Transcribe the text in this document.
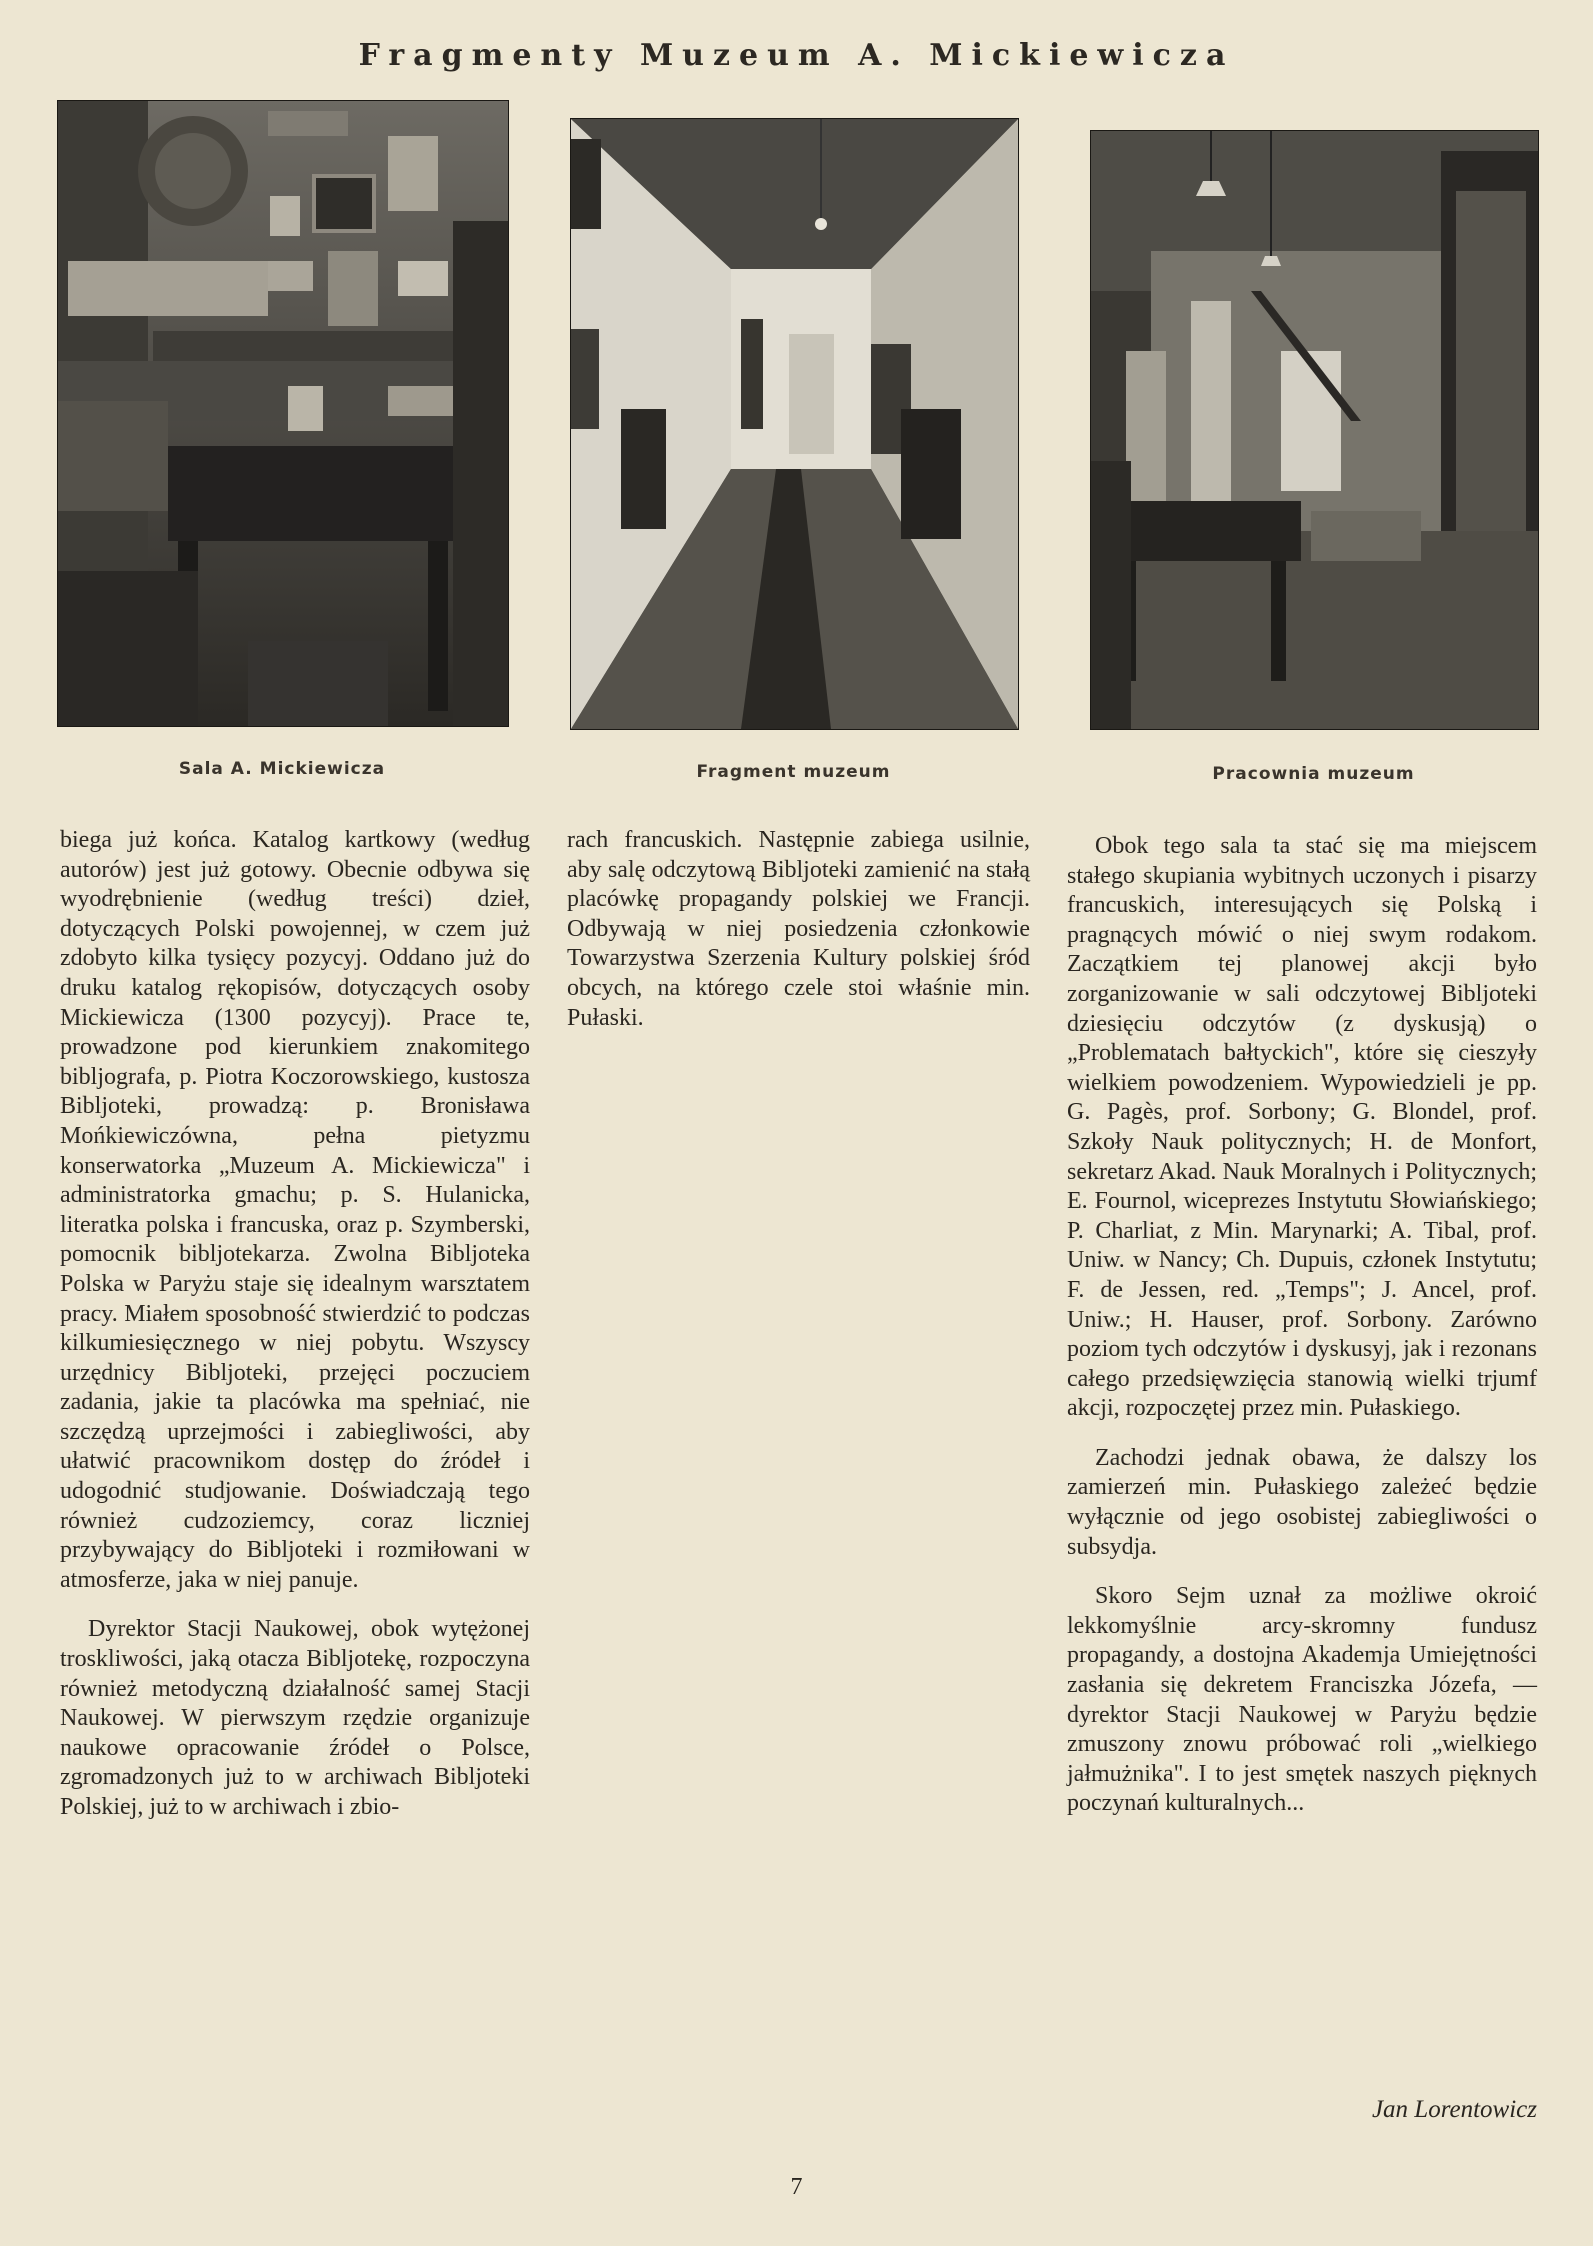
Fragmenty Muzeum A. Mickiewicza
Sala A. Mickiewicza	Fragment muzeum	Pracownia muzeum

biega już końca. Katalog kartkowy (według autorów) jest już gotowy. Obecnie odbywa się wyodrębnienie (według treści) dzieł, dotyczących Polski powojennej, w czem już zdobyto kilka tysięcy pozycyj. Oddano już do druku katalog rękopisów, dotyczących osoby Mickiewicza (1300 pozycyj). Prace te, prowadzone pod kierunkiem znakomitego bibljografa, p. Piotra Koczorowskiego, kustosza Bibljoteki, prowadzą: p. Bronisława Mońkiewiczówna, pełna pietyzmu konserwatorka „Muzeum A. Mickiewicza" i administratorka gmachu; p. S. Hulanicka, literatka polska i francuska, oraz p. Szymberski, pomocnik bibljotekarza. Zwolna Bibljoteka Polska w Paryżu staje się idealnym warsztatem pracy. Miałem sposobność stwierdzić to podczas kilkumiesięcznego w niej pobytu. Wszyscy urzędnicy Bibljoteki, przejęci poczuciem zadania, jakie ta placówka ma spełniać, nie szczędzą uprzejmości i zabiegliwości, aby ułatwić pracownikom dostęp do źródeł i udogodnić studjowanie. Doświadczają tego również cudzoziemcy, coraz liczniej przybywający do Bibljoteki i rozmiłowani w atmosferze, jaka w niej panuje.

Dyrektor Stacji Naukowej, obok wytężonej troskliwości, jaką otacza Bibljotekę, rozpoczyna również metodyczną działalność samej Stacji Naukowej. W pierwszym rzędzie organizuje naukowe opracowanie źródeł o Polsce, zgromadzonych już to w archiwach Bibljoteki Polskiej, już to w archiwach i zbio-

rach francuskich. Następnie zabiega usilnie, aby salę odczytową Bibljoteki zamienić na stałą placówkę propagandy polskiej we Francji. Odbywają w niej posiedzenia członkowie Towarzystwa Szerzenia Kultury polskiej śród obcych, na którego czele stoi właśnie min. Pułaski.

Obok tego sala ta stać się ma miejscem stałego skupiania wybitnych uczonych i pisarzy francuskich, interesujących się Polską i pragnących mówić o niej swym rodakom. Zaczątkiem tej planowej akcji było zorganizowanie w sali odczytowej Bibljoteki dziesięciu odczytów (z dyskusją) o „Problematach bałtyckich", które się cieszyły wielkiem powodzeniem. Wypowiedzieli je pp. G. Pagès, prof. Sorbony; G. Blondel, prof. Szkoły Nauk politycznych; H. de Monfort, sekretarz Akad. Nauk Moralnych i Politycznych; E. Fournol, wiceprezes Instytutu Słowiańskiego; P. Charliat, z Min. Marynarki; A. Tibal, prof. Uniw. w Nancy; Ch. Dupuis, członek Instytutu; F. de Jessen, red. „Temps"; J. Ancel, prof. Uniw.; H. Hauser, prof. Sorbony. Zarówno poziom tych odczytów i dyskusyj, jak i rezonans całego przedsięwzięcia stanowią wielki trjumf akcji, rozpoczętej przez min. Pułaskiego.

Zachodzi jednak obawa, że dalszy los zamierzeń min. Pułaskiego zależeć będzie wyłącznie od jego osobistej zabiegliwości o subsydja.

Skoro Sejm uznał za możliwe okroić lekkomyślnie arcy-skromny fundusz propagandy, a dostojna Akademja Umiejętności zasłania się dekretem Franciszka Józefa, — dyrektor Stacji Naukowej w Paryżu będzie zmuszony znowu próbować roli „wielkiego jałmużnika". I to jest smętek naszych pięknych poczynań kulturalnych...

Jan Lorentowicz
7
